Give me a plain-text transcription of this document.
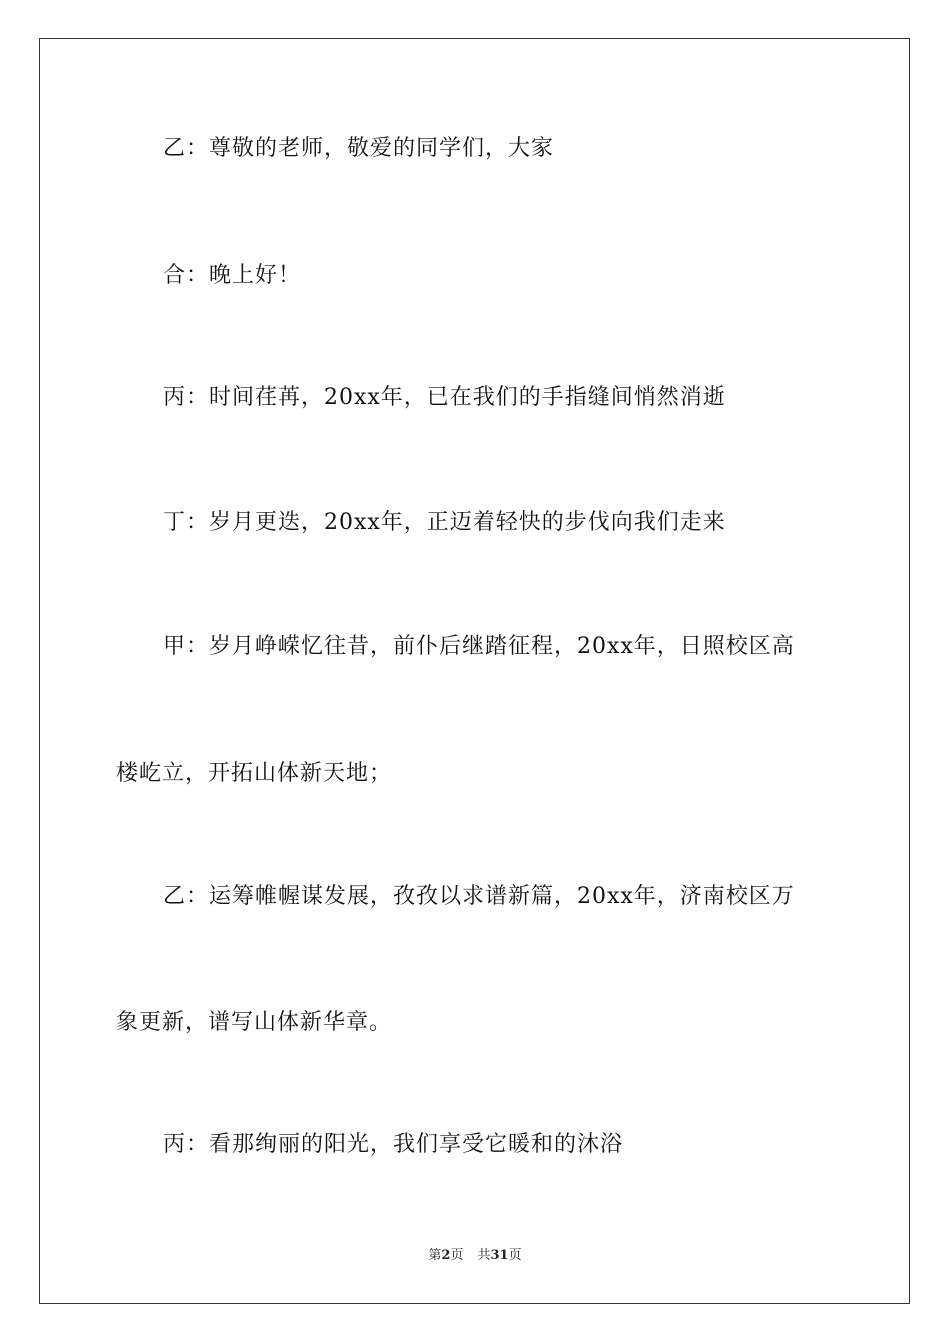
乙：尊敬的老师，敬爱的同学们，大家
合：晚上好！
丙：时间荏苒，20xx年，已在我们的手指缝间悄然消逝
丁：岁月更迭，20xx年，正迈着轻快的步伐向我们走来
甲：岁月峥嵘忆往昔，前仆后继踏征程，20xx年，日照校区高
楼屹立，开拓山体新天地；
乙：运筹帷幄谋发展，孜孜以求谱新篇，20xx年，济南校区万
象更新，谱写山体新华章。
丙：看那绚丽的阳光，我们享受它暖和的沐浴
第2页 共31页
